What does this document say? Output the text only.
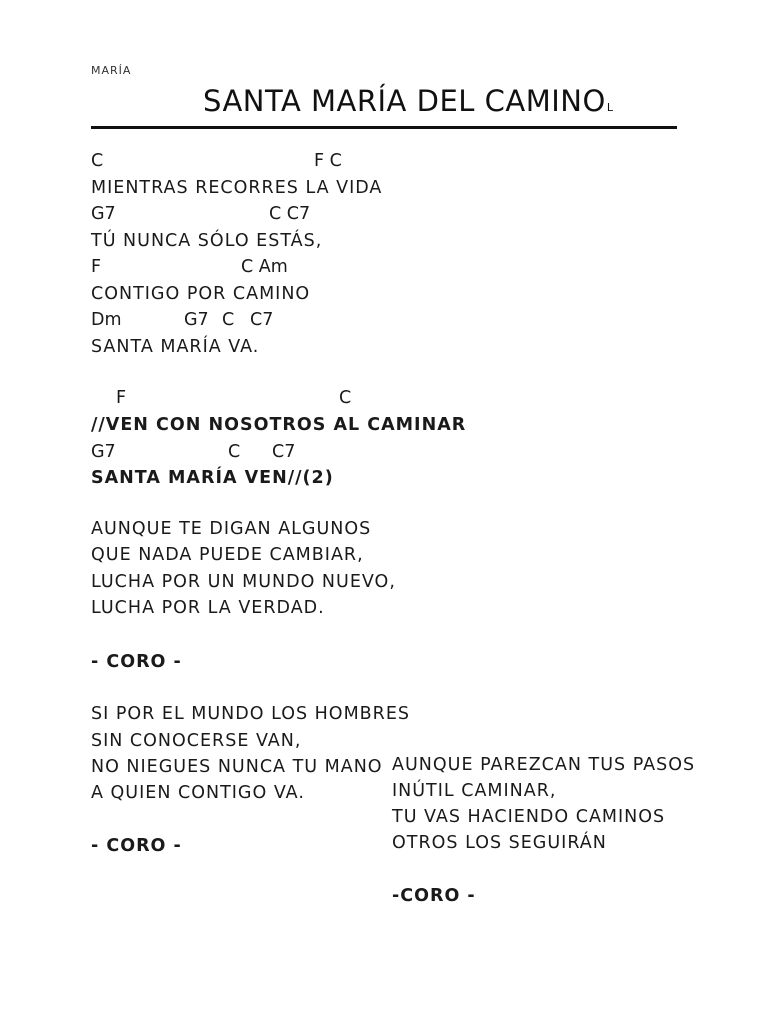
MARÍA
SANTA MARÍA DEL CAMINOL
C	F C
MIENTRAS RECORRES LA VIDA
G7	C C7
TÚ NUNCA SÓLO ESTÁS,
F	C Am
CONTIGO POR CAMINO
Dm	G7 C C7
SANTA MARÍA VA.
F	C
//VEN CON NOSOTROS AL CAMINAR
G7	C C7
SANTA MARÍA VEN//(2)
AUNQUE TE DIGAN ALGUNOS
QUE NADA PUEDE CAMBIAR,
LUCHA POR UN MUNDO NUEVO,
LUCHA POR LA VERDAD.
- CORO -
SI POR EL MUNDO LOS HOMBRES
SIN CONOCERSE VAN,
NO NIEGUES NUNCA TU MANO
A QUIEN CONTIGO VA.
- CORO -
AUNQUE PAREZCAN TUS PASOS
INÚTIL CAMINAR,
TU VAS HACIENDO CAMINOS
OTROS LOS SEGUIRÁN
-CORO -
